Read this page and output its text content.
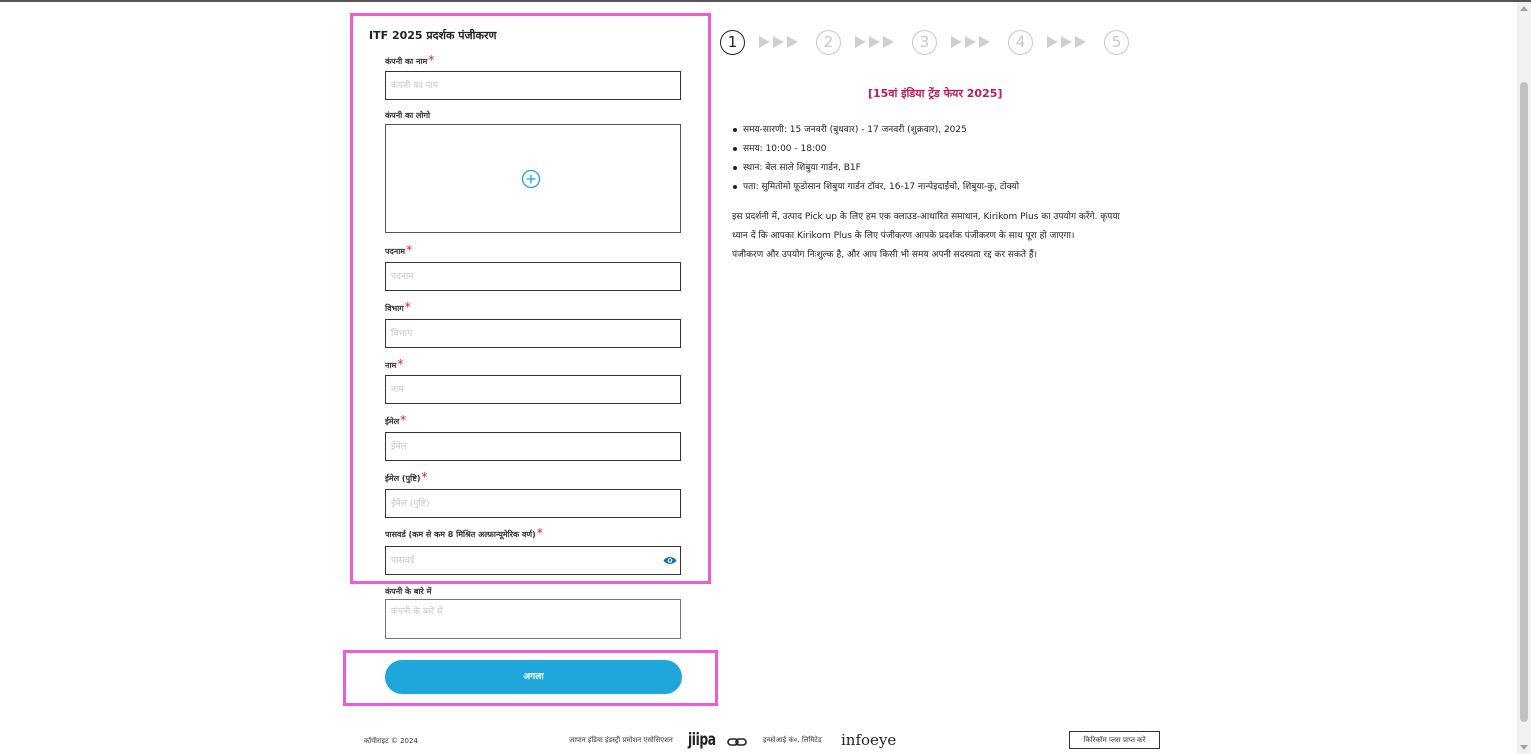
ITF 2025 प्रदर्शक पंजीकरण
कंपनी का नाम*
कंपनी का नाम
कंपनी का लोगो
पदनाम*
पदनाम
विभाग*
विभाग
नाम*
नाम
ईमेल*
ईमेल
ईमेल (पुष्टि)*
ईमेल (पुष्टि)
पासवर्ड (कम से कम 8 मिश्रित अल्फ़ान्यूमेरिक वर्ण)*
कंपनी के बारे में
कंपनी के बारे में
अगला
1	2	3	4	5
[15वां इंडिया ट्रेंड फेयर 2025]
समय-सारणी: 15 जनवरी (बुधवार) - 17 जनवरी (शुक्रवार), 2025
समय: 10:00 - 18:00
स्थान: बेल साले शिबुया गार्डन, B1F
पता: सुमितोमो फूडोसान शिबुया गार्डन टॉवर, 16-17 नान्पेइदाईचो, शिबुया-कु, टोक्यो
इस प्रदर्शनी में, उत्पाद Pick up के लिए हम एक क्लाउड-आधारित समाधान, Kirikom Plus का उपयोग करेंगे. कृपया
ध्यान दें कि आपका Kirikom Plus के लिए पंजीकरण आपके प्रदर्शक पंजीकरण के साथ पूरा हो जाएगा।
पंजीकरण और उपयोग निःशुल्क है, और आप किसी भी समय अपनी सदस्यता रद्द कर सकते हैं।
कॉपीराइट © 2024	जापान इंडिया इंडस्ट्री प्रमोशन एसोसिएशन jiipa	इन्फोआई कं०. लिमिटेड infoeye	किरिकॉम प्लस प्राप्त करें
